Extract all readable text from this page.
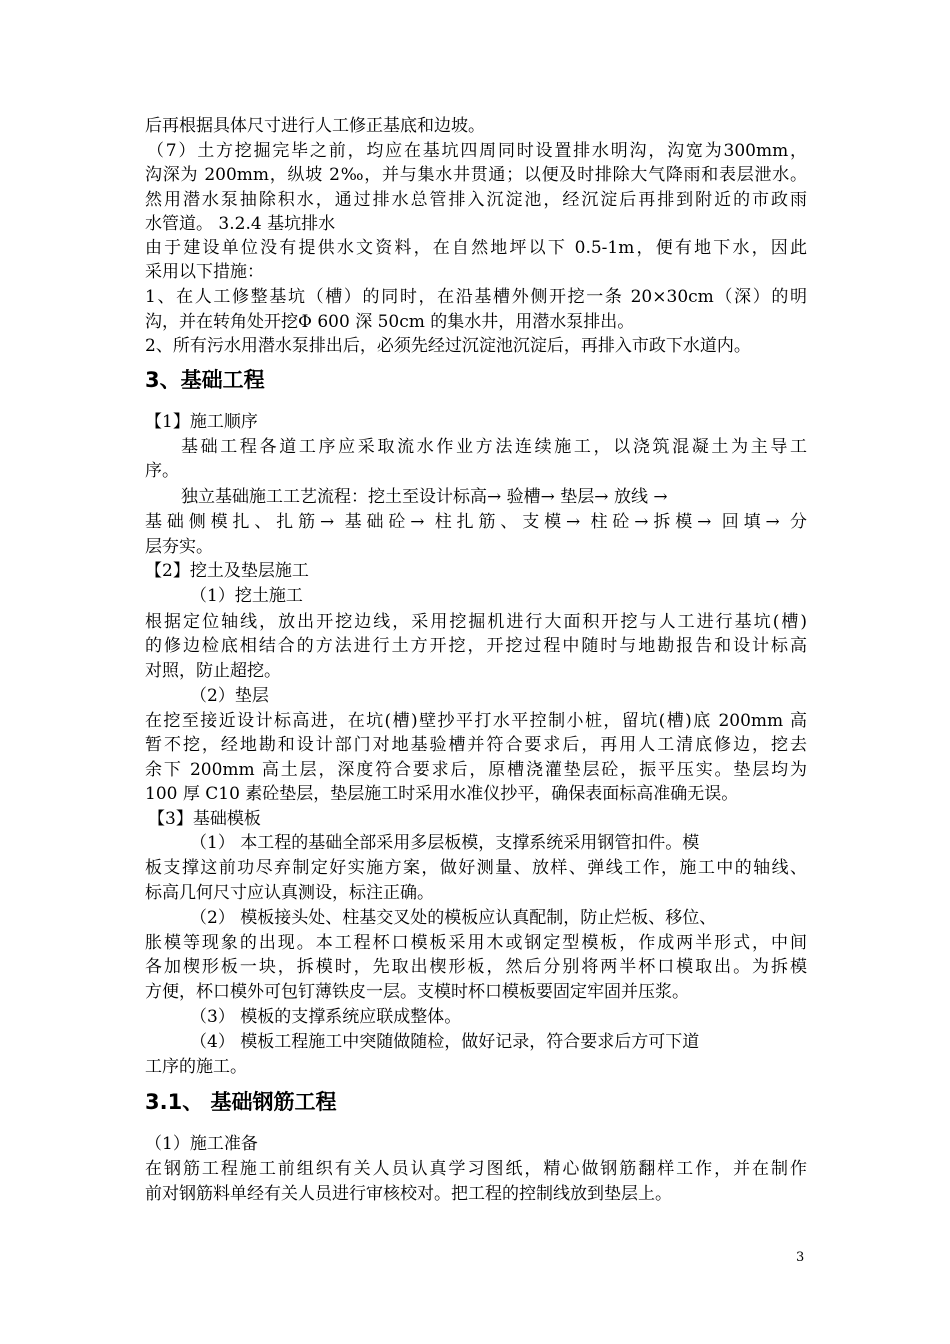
后再根据具体尺寸进行人工修正基底和边坡。
（7）土方挖掘完毕之前，均应在基坑四周同时设置排水明沟，沟宽为300mm，
沟深为 200mm，纵坡 2‰，并与集水井贯通；以便及时排除大气降雨和表层泄水。
然用潜水泵抽除积水，通过排水总管排入沉淀池，经沉淀后再排到附近的市政雨
水管道。 3.2.4 基坑排水
由于建设单位没有提供水文资料，在自然地坪以下 0.5-1m，便有地下水，因此
采用以下措施：
1、在人工修整基坑（槽）的同时，在沿基槽外侧开挖一条 20×30cm（深）的明
沟，并在转角处开挖Φ 600 深 50cm 的集水井，用潜水泵排出。
2、所有污水用潜水泵排出后，必须先经过沉淀池沉淀后，再排入市政下水道内。
3、基础工程
【1】施工顺序
基础工程各道工序应采取流水作业方法连续施工，以浇筑混凝土为主导工
序。
独立基础施工工艺流程：挖土至设计标高→ 验槽→ 垫层→ 放线 →
基础侧模扎、扎筋→ 基础砼→ 柱扎筋、支模→ 柱砼→拆模→ 回填→ 分
层夯实。
【2】挖土及垫层施工
（1）挖土施工
根据定位轴线，放出开挖边线，采用挖掘机进行大面积开挖与人工进行基坑(槽)
的修边检底相结合的方法进行土方开挖，开挖过程中随时与地勘报告和设计标高
对照，防止超挖。
（2）垫层
在挖至接近设计标高进，在坑(槽)壁抄平打水平控制小桩，留坑(槽)底 200mm 高
暂不挖，经地勘和设计部门对地基验槽并符合要求后，再用人工清底修边，挖去
余下 200mm 高土层，深度符合要求后，原槽浇灌垫层砼，振平压实。垫层均为
100 厚 C10 素砼垫层，垫层施工时采用水准仪抄平，确保表面标高准确无误。
【3】基础模板
（1） 本工程的基础全部采用多层板模，支撑系统采用钢管扣件。模
板支撑这前功尽弃制定好实施方案，做好测量、放样、弹线工作，施工中的轴线、
标高几何尺寸应认真测设，标注正确。
（2） 模板接头处、柱基交叉处的模板应认真配制，防止烂板、移位、
胀模等现象的出现。本工程杯口模板采用木或钢定型模板，作成两半形式，中间
各加楔形板一块，拆模时，先取出楔形板，然后分别将两半杯口模取出。为拆模
方便，杯口模外可包钉薄铁皮一层。支模时杯口模板要固定牢固并压浆。
（3） 模板的支撑系统应联成整体。
（4） 模板工程施工中突随做随检，做好记录，符合要求后方可下道
工序的施工。
3.1、 基础钢筋工程
（1）施工准备
在钢筋工程施工前组织有关人员认真学习图纸，精心做钢筋翻样工作，并在制作
前对钢筋料单经有关人员进行审核校对。把工程的控制线放到垫层上。
3
